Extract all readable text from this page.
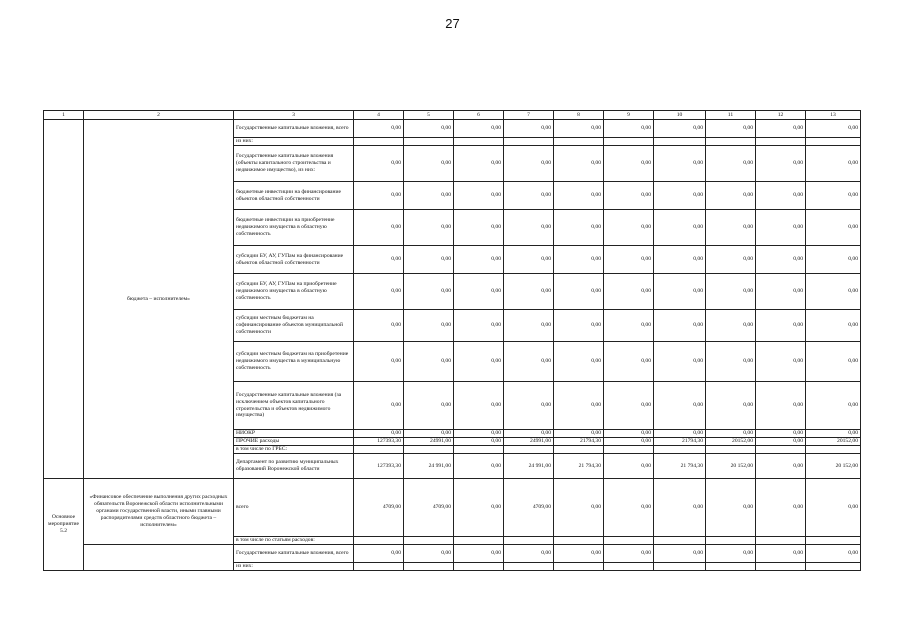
27
1	2	3	4	5	6	7	8	9	10	11	12	13
	бюджета – исполнителем»	Государственные капитальные вложения, всего	0,00	0,00	0,00	0,00	0,00	0,00	0,00	0,00	0,00	0,00
		из них:										
		Государственные капитальные вложения (объекты капитального строительства и недвижимое имущество), из них:	0,00	0,00	0,00	0,00	0,00	0,00	0,00	0,00	0,00	0,00
		бюджетные инвестиции на финансирование объектов областной собственности	0,00	0,00	0,00	0,00	0,00	0,00	0,00	0,00	0,00	0,00
		бюджетные инвестиции на приобретение недвижимого имущества в областную собственность	0,00	0,00	0,00	0,00	0,00	0,00	0,00	0,00	0,00	0,00
		субсидии БУ, АУ, ГУПам на финансирование объектов областной собственности	0,00	0,00	0,00	0,00	0,00	0,00	0,00	0,00	0,00	0,00
		субсидии БУ, АУ, ГУПам на приобретение недвижимого имущества в областную собственность	0,00	0,00	0,00	0,00	0,00	0,00	0,00	0,00	0,00	0,00
		субсидии местным бюджетам на софинансирование объектов муниципальной собственности	0,00	0,00	0,00	0,00	0,00	0,00	0,00	0,00	0,00	0,00
		субсидии местным бюджетам на приобретение недвижимого имущества в муниципальную собственность	0,00	0,00	0,00	0,00	0,00	0,00	0,00	0,00	0,00	0,00
		Государственные капитальные вложения (за исключением объектов капитального строительства и объектов недвижимого имущества)	0,00	0,00	0,00	0,00	0,00	0,00	0,00	0,00	0,00	0,00
		НИОКР	0,00	0,00	0,00	0,00	0,00	0,00	0,00	0,00	0,00	0,00
		ПРОЧИЕ расходы	127393,30	24991,00	0,00	24991,00	21794,30	0,00	21794,30	20152,00	0,00	20152,00
		в том числе по ГРБС:										
		Департамент по развитию муниципальных образований Воронежской области	127393,30	24 991,00	0,00	24 991,00	21 794,30	0,00	21 794,30	20 152,00	0,00	20 152,00
Основное мероприятие 5.2	«Финансовое обеспечение выполнения других расходных обязательств Воронежской области исполнительными органами государственной власти, иными главными распорядителями средств областного бюджета – исполнителем»	всего	4709,00	4709,00	0,00	4709,00	0,00	0,00	0,00	0,00	0,00	0,00
		в том числе по статьям расходов:										
		Государственные капитальные вложения, всего	0,00	0,00	0,00	0,00	0,00	0,00	0,00	0,00	0,00	0,00
		из них:										
